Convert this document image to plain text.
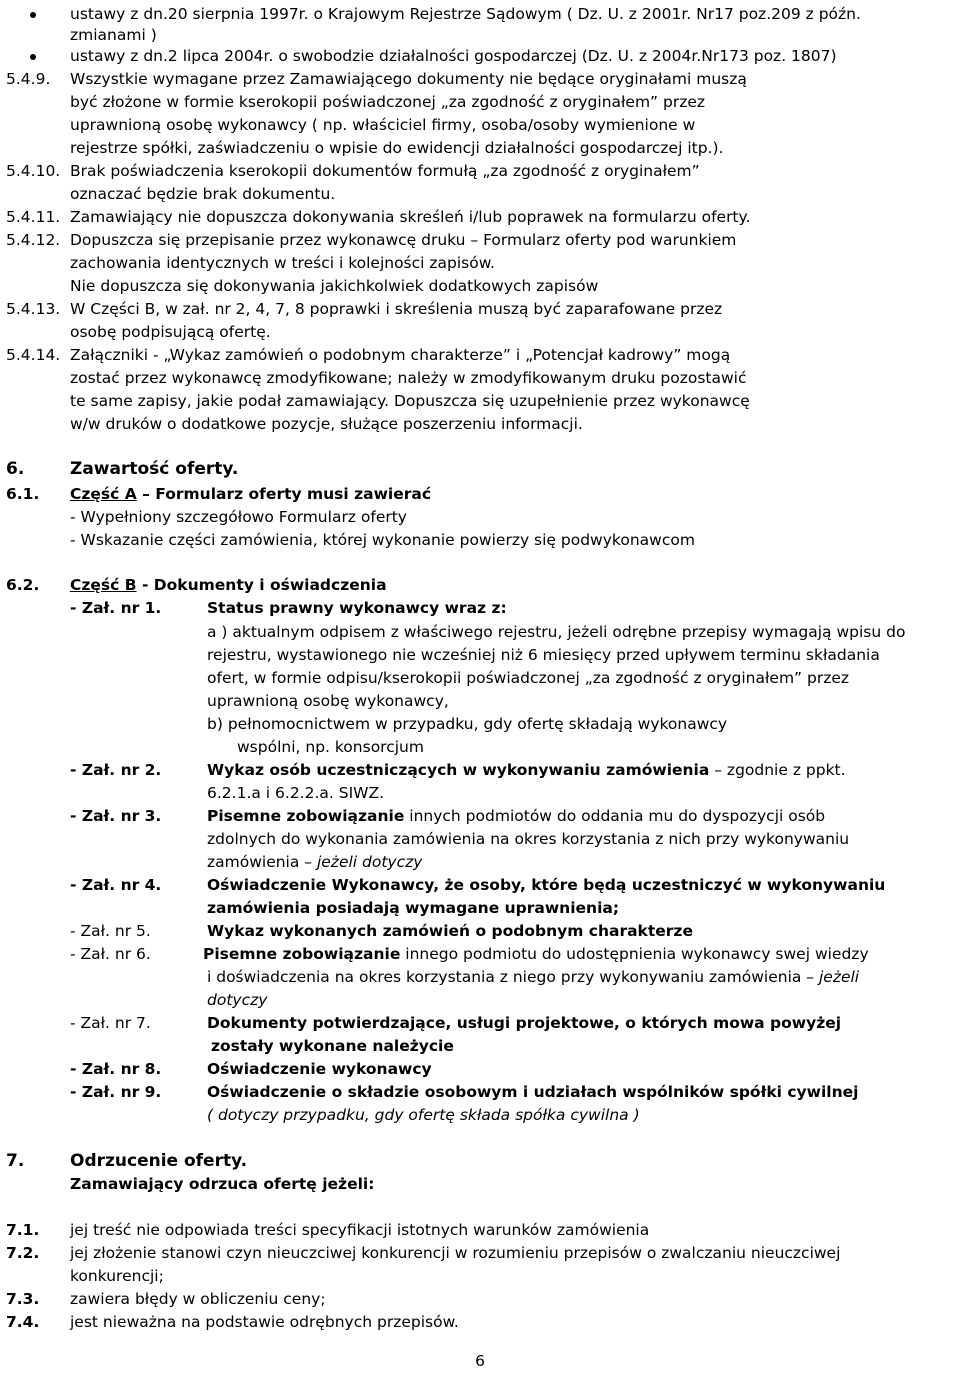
ustawy z dn.20 sierpnia 1997r. o Krajowym Rejestrze Sądowym ( Dz. U. z 2001r. Nr17 poz.209 z późn.
zmianami )
ustawy z dn.2 lipca 2004r. o swobodzie działalności gospodarczej (Dz. U. z 2004r.Nr173 poz. 1807)
5.4.9. Wszystkie wymagane przez Zamawiającego dokumenty nie będące oryginałami muszą
być złożone w formie kserokopii poświadczonej „za zgodność z oryginałem” przez
uprawnioną osobę wykonawcy ( np. właściciel firmy, osoba/osoby wymienione w
rejestrze spółki, zaświadczeniu o wpisie do ewidencji działalności gospodarczej itp.).
5.4.10. Brak poświadczenia kserokopii dokumentów formułą „za zgodność z oryginałem”
oznaczać będzie brak dokumentu.
5.4.11. Zamawiający nie dopuszcza dokonywania skreśleń i/lub poprawek na formularzu oferty.
5.4.12. Dopuszcza się przepisanie przez wykonawcę druku – Formularz oferty pod warunkiem
zachowania identycznych w treści i kolejności zapisów.
Nie dopuszcza się dokonywania jakichkolwiek dodatkowych zapisów
5.4.13. W Części B, w zał. nr 2, 4, 7, 8 poprawki i skreślenia muszą być zaparafowane przez
osobę podpisującą ofertę.
5.4.14. Załączniki - „Wykaz zamówień o podobnym charakterze” i „Potencjał kadrowy” mogą
zostać przez wykonawcę zmodyfikowane; należy w zmodyfikowanym druku pozostawić
te same zapisy, jakie podał zamawiający. Dopuszcza się uzupełnienie przez wykonawcę
w/w druków o dodatkowe pozycje, służące poszerzeniu informacji.
6.	Zawartość oferty.
6.1. Część A – Formularz oferty musi zawierać
- Wypełniony szczegółowo Formularz oferty
- Wskazanie części zamówienia, której wykonanie powierzy się podwykonawcom
6.2. Część B - Dokumenty i oświadczenia
- Zał. nr 1.	Status prawny wykonawcy wraz z:
a ) aktualnym odpisem z właściwego rejestru, jeżeli odrębne przepisy wymagają wpisu do
rejestru, wystawionego nie wcześniej niż 6 miesięcy przed upływem terminu składania
ofert, w formie odpisu/kserokopii poświadczonej „za zgodność z oryginałem” przez
uprawnioną osobę wykonawcy,
b) pełnomocnictwem w przypadku, gdy ofertę składają wykonawcy
wspólni, np. konsorcjum
- Zał. nr 2.	Wykaz osób uczestniczących w wykonywaniu zamówienia – zgodnie z ppkt.
6.2.1.a i 6.2.2.a. SIWZ.
- Zał. nr 3.	Pisemne zobowiązanie innych podmiotów do oddania mu do dyspozycji osób
zdolnych do wykonania zamówienia na okres korzystania z nich przy wykonywaniu
zamówienia – jeżeli dotyczy
- Zał. nr 4.	Oświadczenie Wykonawcy, że osoby, które będą uczestniczyć w wykonywaniu
zamówienia posiadają wymagane uprawnienia;
- Zał. nr 5.	Wykaz wykonanych zamówień o podobnym charakterze
- Zał. nr 6.	Pisemne zobowiązanie innego podmiotu do udostępnienia wykonawcy swej wiedzy
i doświadczenia na okres korzystania z niego przy wykonywaniu zamówienia – jeżeli
dotyczy
- Zał. nr 7.	Dokumenty potwierdzające, usługi projektowe, o których mowa powyżej
zostały wykonane należycie
- Zał. nr 8.	Oświadczenie wykonawcy
- Zał. nr 9.	Oświadczenie o składzie osobowym i udziałach wspólników spółki cywilnej
( dotyczy przypadku, gdy ofertę składa spółka cywilna )
7.	Odrzucenie oferty.
Zamawiający odrzuca ofertę jeżeli:
7.1. jej treść nie odpowiada treści specyfikacji istotnych warunków zamówienia
7.2. jej złożenie stanowi czyn nieuczciwej konkurencji w rozumieniu przepisów o zwalczaniu nieuczciwej
konkurencji;
7.3. zawiera błędy w obliczeniu ceny;
7.4. jest nieważna na podstawie odrębnych przepisów.
6
